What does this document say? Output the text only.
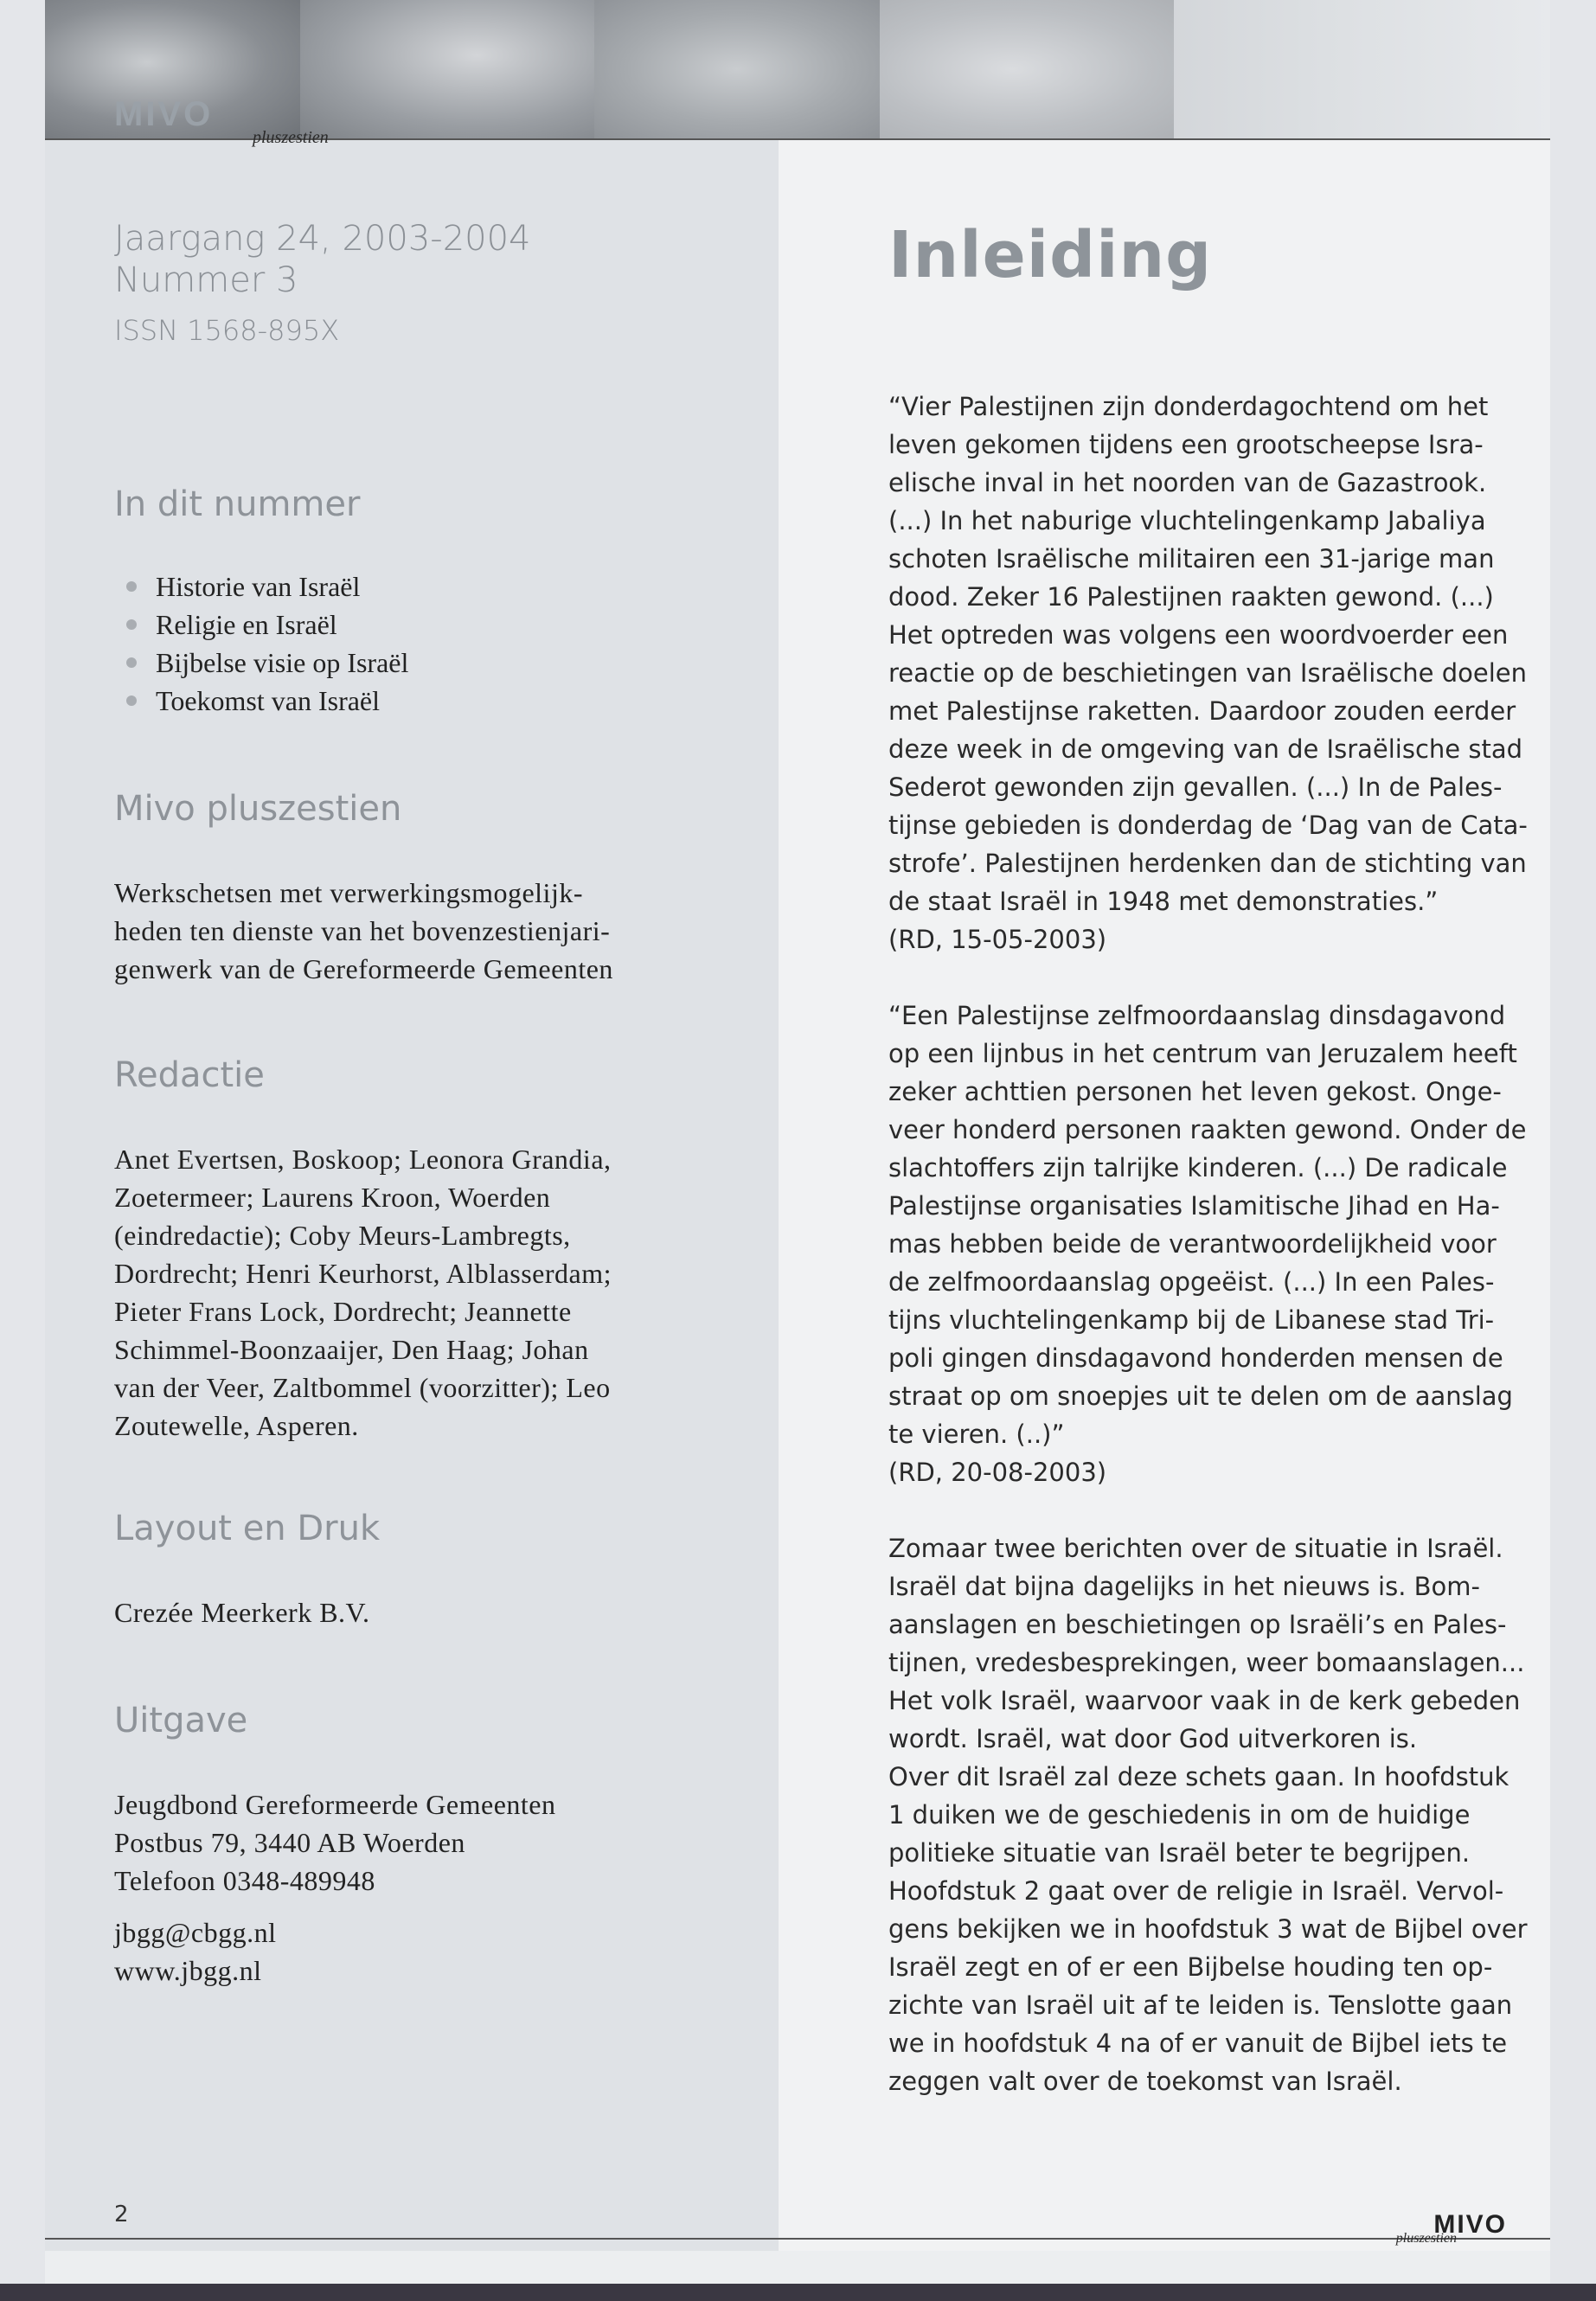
MIVO
pluszestien
Jaargang 24, 2003-2004
Nummer 3
ISSN 1568-895X
In dit nummer
Historie van Israël
Religie en Israël
Bijbelse visie op Israël
Toekomst van Israël
Mivo pluszestien
Werkschetsen met verwerkingsmogelijk-
heden ten dienste van het bovenzestienjari-
genwerk van de Gereformeerde Gemeenten
Redactie
Anet Evertsen, Boskoop; Leonora Grandia,
Zoetermeer; Laurens Kroon, Woerden
(eindredactie); Coby Meurs-Lambregts,
Dordrecht; Henri Keurhorst, Alblasserdam;
Pieter Frans Lock, Dordrecht; Jeannette
Schimmel-Boonzaaijer, Den Haag; Johan
van der Veer, Zaltbommel (voorzitter); Leo
Zoutewelle, Asperen.
Layout en Druk
Crezée Meerkerk B.V.
Uitgave
Jeugdbond Gereformeerde Gemeenten
Postbus 79, 3440 AB Woerden
Telefoon 0348-489948
jbgg@cbgg.nl
www.jbgg.nl
Inleiding
“Vier Palestijnen zijn donderdagochtend om het
leven gekomen tijdens een grootscheepse Isra-
elische inval in het noorden van de Gazastrook.
(...) In het naburige vluchtelingenkamp Jabaliya
schoten Israëlische militairen een 31-jarige man
dood. Zeker 16 Palestijnen raakten gewond. (...)
Het optreden was volgens een woordvoerder een
reactie op de beschietingen van Israëlische doelen
met Palestijnse raketten. Daardoor zouden eerder
deze week in de omgeving van de Israëlische stad
Sederot gewonden zijn gevallen. (...) In de Pales-
tijnse gebieden is donderdag de ‘Dag van de Cata-
strofe’. Palestijnen herdenken dan de stichting van
de staat Israël in 1948 met demonstraties.”
(RD, 15-05-2003)
“Een Palestijnse zelfmoordaanslag dinsdagavond
op een lijnbus in het centrum van Jeruzalem heeft
zeker achttien personen het leven gekost. Onge-
veer honderd personen raakten gewond. Onder de
slachtoffers zijn talrijke kinderen. (...) De radicale
Palestijnse organisaties Islamitische Jihad en Ha-
mas hebben beide de verantwoordelijkheid voor
de zelfmoordaanslag opgeëist. (...) In een Pales-
tijns vluchtelingenkamp bij de Libanese stad Tri-
poli gingen dinsdagavond honderden mensen de
straat op om snoepjes uit te delen om de aanslag
te vieren. (..)”
(RD, 20-08-2003)
Zomaar twee berichten over de situatie in Israël.
Israël dat bijna dagelijks in het nieuws is. Bom-
aanslagen en beschietingen op Israëli’s en Pales-
tijnen, vredesbesprekingen, weer bomaanslagen...
Het volk Israël, waarvoor vaak in de kerk gebeden
wordt. Israël, wat door God uitverkoren is.
Over dit Israël zal deze schets gaan. In hoofdstuk
1 duiken we de geschiedenis in om de huidige
politieke situatie van Israël beter te begrijpen.
Hoofdstuk 2 gaat over de religie in Israël. Vervol-
gens bekijken we in hoofdstuk 3 wat de Bijbel over
Israël zegt en of er een Bijbelse houding ten op-
zichte van Israël uit af te leiden is. Tenslotte gaan
we in hoofdstuk 4 na of er vanuit de Bijbel iets te
zeggen valt over de toekomst van Israël.
2	MIVO
pluszestien
